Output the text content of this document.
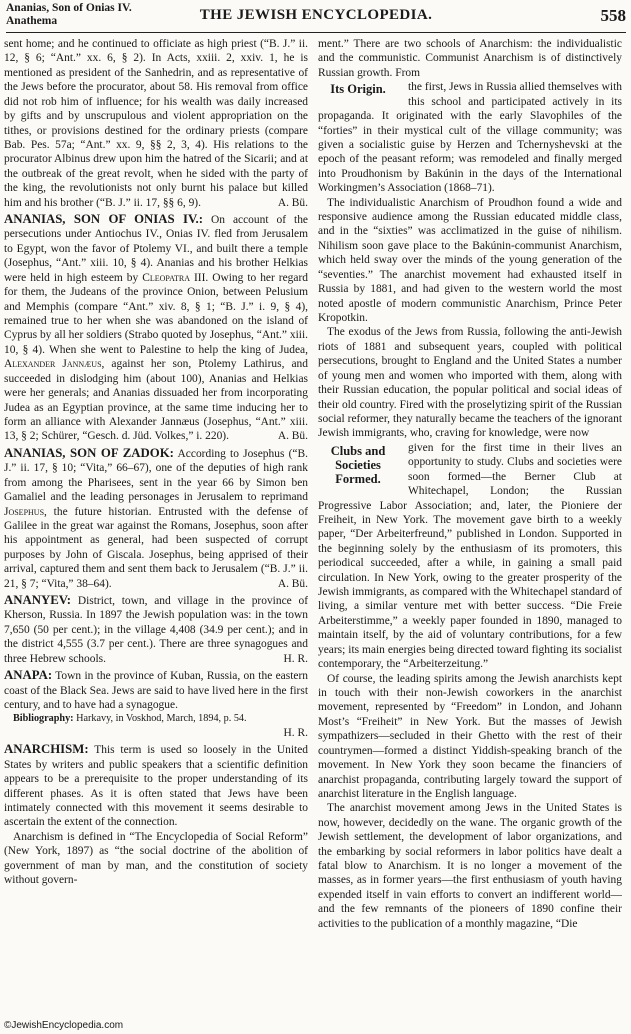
Ananias, Son of Onias IV.
Anathema	THE JEWISH ENCYCLOPEDIA.	558

sent home; and he continued to officiate as high priest (“B. J.” ii. 12, § 6; “Ant.” xx. 6, § 2). In Acts, xxiii. 2, xxiv. 1, he is mentioned as president of the Sanhedrin, and as representative of the Jews before the procurator, about 58. His removal from office did not rob him of influence; for his wealth was daily increased by gifts and by unscrupulous and violent appropriation on the tithes, or provisions destined for the ordinary priests (compare Bab. Pes. 57a; “Ant.” xx. 9, §§ 2, 3, 4). His relations to the procurator Albinus drew upon him the hatred of the Sicarii; and at the outbreak of the great revolt, when he sided with the party of the king, the revolutionists not only burnt his palace but killed him and his brother (“B. J.” ii. 17, §§ 6, 9).	A. Bü.

ANANIAS, SON OF ONIAS IV.: On account of the persecutions under Antiochus IV., Onias IV. fled from Jerusalem to Egypt, won the favor of Ptolemy VI., and built there a temple (Josephus, “Ant.” xiii. 10, § 4). Ananias and his brother Helkias were held in high esteem by Cleopatra III. Owing to her regard for them, the Judeans of the province Onion, between Pelusium and Memphis (compare “Ant.” xiv. 8, § 1; “B. J.” i. 9, § 4), remained true to her when she was abandoned on the island of Cyprus by all her soldiers (Strabo quoted by Josephus, “Ant.” xiii. 10, § 4). When she went to Palestine to help the king of Judea, Alexander Jannæus, against her son, Ptolemy Lathirus, and succeeded in dislodging him (about 100), Ananias and Helkias were her generals; and Ananias dissuaded her from incorporating Judea as an Egyptian province, at the same time inducing her to form an alliance with Alexander Jannæus (Josephus, “Ant.” xiii. 13, § 2; Schürer, “Gesch. d. Jüd. Volkes,” i. 220).	A. Bü.

ANANIAS, SON OF ZADOK: According to Josephus (“B. J.” ii. 17, § 10; “Vita,” 66–67), one of the deputies of high rank from among the Pharisees, sent in the year 66 by Simon ben Gamaliel and the leading personages in Jerusalem to reprimand Josephus, the future historian. Entrusted with the defense of Galilee in the great war against the Romans, Josephus, soon after his appointment as general, had been suspected of corrupt purposes by John of Giscala. Josephus, being apprised of their arrival, captured them and sent them back to Jerusalem (“B. J.” ii. 21, § 7; “Vita,” 38–64).	A. Bü.

ANANYEV: District, town, and village in the province of Kherson, Russia. In 1897 the Jewish population was: in the town 7,650 (50 per cent.); in the village 4,408 (34.9 per cent.); and in the district 4,555 (3.7 per cent.). There are three synagogues and three Hebrew schools.	H. R.

ANAPA: Town in the province of Kuban, Russia, on the eastern coast of the Black Sea. Jews are said to have lived here in the first century, and to have had a synagogue.

Bibliography: Harkavy, in Voskhod, March, 1894, p. 54.

H. R.

ANARCHISM: This term is used so loosely in the United States by writers and public speakers that a scientific definition appears to be a prerequisite to the proper understanding of its different phases. As it is often stated that Jews have been intimately connected with this movement it seems desirable to ascertain the extent of the connection.

Anarchism is defined in “The Encyclopedia of Social Reform” (New York, 1897) as “the social doctrine of the abolition of government of man by man, and the constitution of society without govern-

ment.” There are two schools of Anarchism: the individualistic and the communistic. Communist Anarchism is of distinctively Russian growth. From

Its Origin.	the first, Jews in Russia allied themselves with this school and participated actively in its propaganda. It originated with the early Slavophiles of the “forties” in their mystical cult of the village community; was given a socialistic guise by Herzen and Tchernyshevski at the epoch of the peasant reform; was remodeled and finally merged into Proudhonism by Bakúnin in the days of the International Workingmen’s Association (1868–71).

The individualistic Anarchism of Proudhon found a wide and responsive audience among the Russian educated middle class, and in the “sixties” was acclimatized in the guise of nihilism. Nihilism soon gave place to the Bakúnin-communist Anarchism, which held sway over the minds of the young generation of the “seventies.” The anarchist movement had exhausted itself in Russia by 1881, and had given to the western world the most noted apostle of modern communistic Anarchism, Prince Peter Kropotkin.

The exodus of the Jews from Russia, following the anti-Jewish riots of 1881 and subsequent years, coupled with political persecutions, brought to England and the United States a number of young men and women who imported with them, along with their Russian education, the popular political and social ideas of their old country. Fired with the proselytizing spirit of the Russian social reformer, they naturally became the teachers of the ignorant Jewish immigrants, who, craving for knowledge, were now

Clubs and Societies Formed.

given for the first time in their lives an opportunity to study. Clubs and societies were soon formed—the Berner Club at Whitechapel, London; the Russian Progressive Labor Association; and, later, the Pioniere der Freiheit, in New York. The movement gave birth to a weekly paper, “Der Arbeiterfreund,” published in London. Supported in the beginning solely by the enthusiasm of its promoters, this periodical succeeded, after a while, in gaining a small paid circulation. In New York, owing to the greater prosperity of the Jewish immigrants, as compared with the Whitechapel standard of living, a similar venture met with better success. “Die Freie Arbeiterstimme,” a weekly paper founded in 1890, managed to maintain itself, by the aid of voluntary contributions, for a few years; its main energies being directed toward fighting its socialist contemporary, the “Arbeiterzeitung.”

Of course, the leading spirits among the Jewish anarchists kept in touch with their non-Jewish coworkers in the anarchist movement, represented by “Freedom” in London, and Johann Most’s “Freiheit” in New York. But the masses of Jewish sympathizers—secluded in their Ghetto with the rest of their countrymen—formed a distinct Yiddish-speaking branch of the movement. In New York they soon became the financiers of anarchist propaganda, contributing largely toward the support of anarchist literature in the English language.

The anarchist movement among Jews in the United States is now, however, decidedly on the wane. The organic growth of the Jewish settlement, the development of labor organizations, and the embarking by social reformers in labor politics have dealt a fatal blow to Anarchism. It is no longer a movement of the masses, as in former years—the first enthusiasm of youth having expended itself in vain efforts to convert an indifferent world—and the few remnants of the pioneers of 1890 confine their activities to the publication of a monthly magazine, “Die

©JewishEncyclopedia.com
